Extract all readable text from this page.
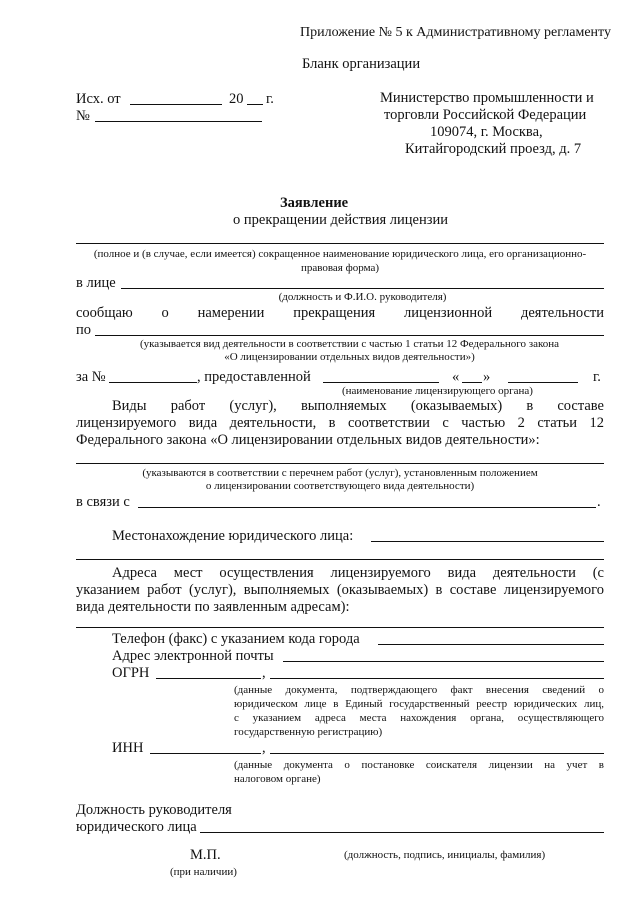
Приложение № 5 к Административному регламенту
Бланк организации
Исх. от	20 г.
№
Министерство промышленности и
торговли Российской Федерации
109074, г. Москва,
Китайгородский проезд, д. 7
Заявление
о прекращении действия лицензии
(полное и (в случае, если имеется) сокращенное наименование юридического лица, его организационно-
правовая форма)
в лице
(должность и Ф.И.О. руководителя)
сообщаю о намерении прекращения лицензионной деятельности
по
(указывается вид деятельности в соответствии с частью 1 статьи 12 Федерального закона
«О лицензировании отдельных видов деятельности»)
за №	, предоставленной	« »	г.
(наименование лицензирующего органа)
Виды работ (услуг), выполняемых (оказываемых) в составе
лицензируемого вида деятельности, в соответствии с частью 2 статьи 12
Федерального закона «О лицензировании отдельных видов деятельности»:
(указываются в соответствии с перечнем работ (услуг), установленным положением
о лицензировании соответствующего вида деятельности)
в связи с	.
Местонахождение юридического лица:
Адреса мест осуществления лицензируемого вида деятельности (с
указанием работ (услуг), выполняемых (оказываемых) в составе лицензируемого
вида деятельности по заявленным адресам):
Телефон (факс) с указанием кода города
Адрес электронной почты
ОГРН	,
(данные документа, подтверждающего факт внесения сведений о
юридическом лице в Единый государственный реестр юридических лиц,
с указанием адреса места нахождения органа, осуществляющего
государственную регистрацию)
ИНН	,
(данные документа о постановке соискателя лицензии на учет в
налоговом органе)
Должность руководителя
юридического лица
М.П.	(должность, подпись, инициалы, фамилия)
(при наличии)
